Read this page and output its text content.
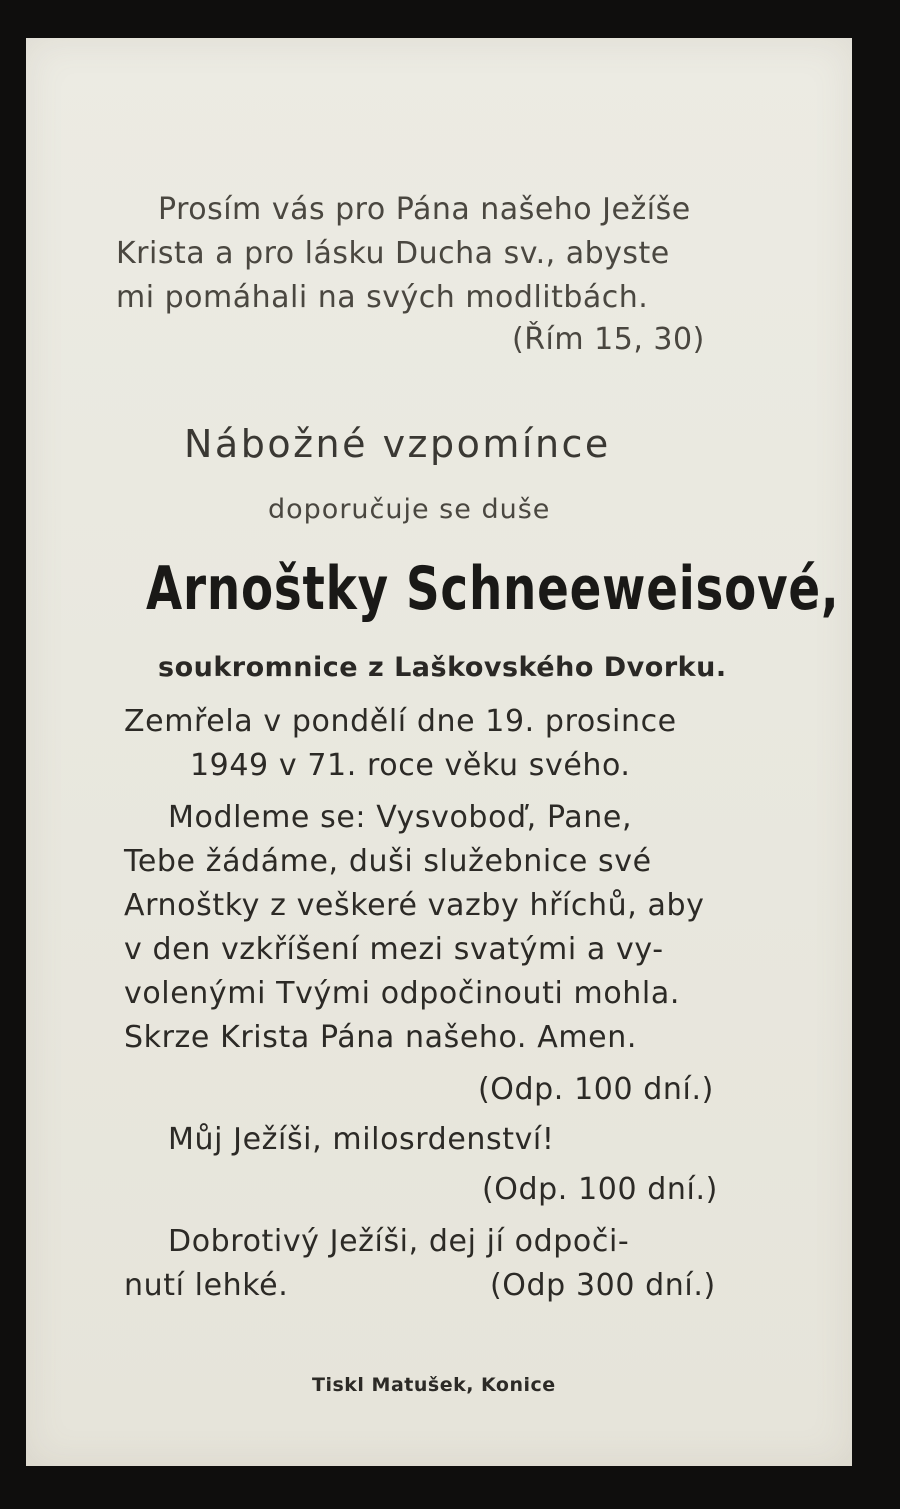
Prosím vás pro Pána našeho Ježíše

Krista a pro lásku Ducha sv., abyste

mi pomáhali na svých modlitbách.

(Řím 15, 30)

Nábožné vzpomínce

doporučuje se duše

Arnoštky Schneeweisové,

soukromnice z Laškovského Dvorku.

Zemřela v pondělí dne 19. prosince

1949 v 71. roce věku svého.

Modleme se: Vysvoboď, Pane,

Tebe žádáme, duši služebnice své

Arnoštky z veškeré vazby hříchů, aby

v den vzkříšení mezi svatými a vy-

volenými Tvými odpočinouti mohla.

Skrze Krista Pána našeho. Amen.

(Odp. 100 dní.)

Můj Ježíši, milosrdenství!

(Odp. 100 dní.)

Dobrotivý Ježíši, dej jí odpoči-

nutí lehké.	(Odp 300 dní.)

Tiskl Matušek, Konice
